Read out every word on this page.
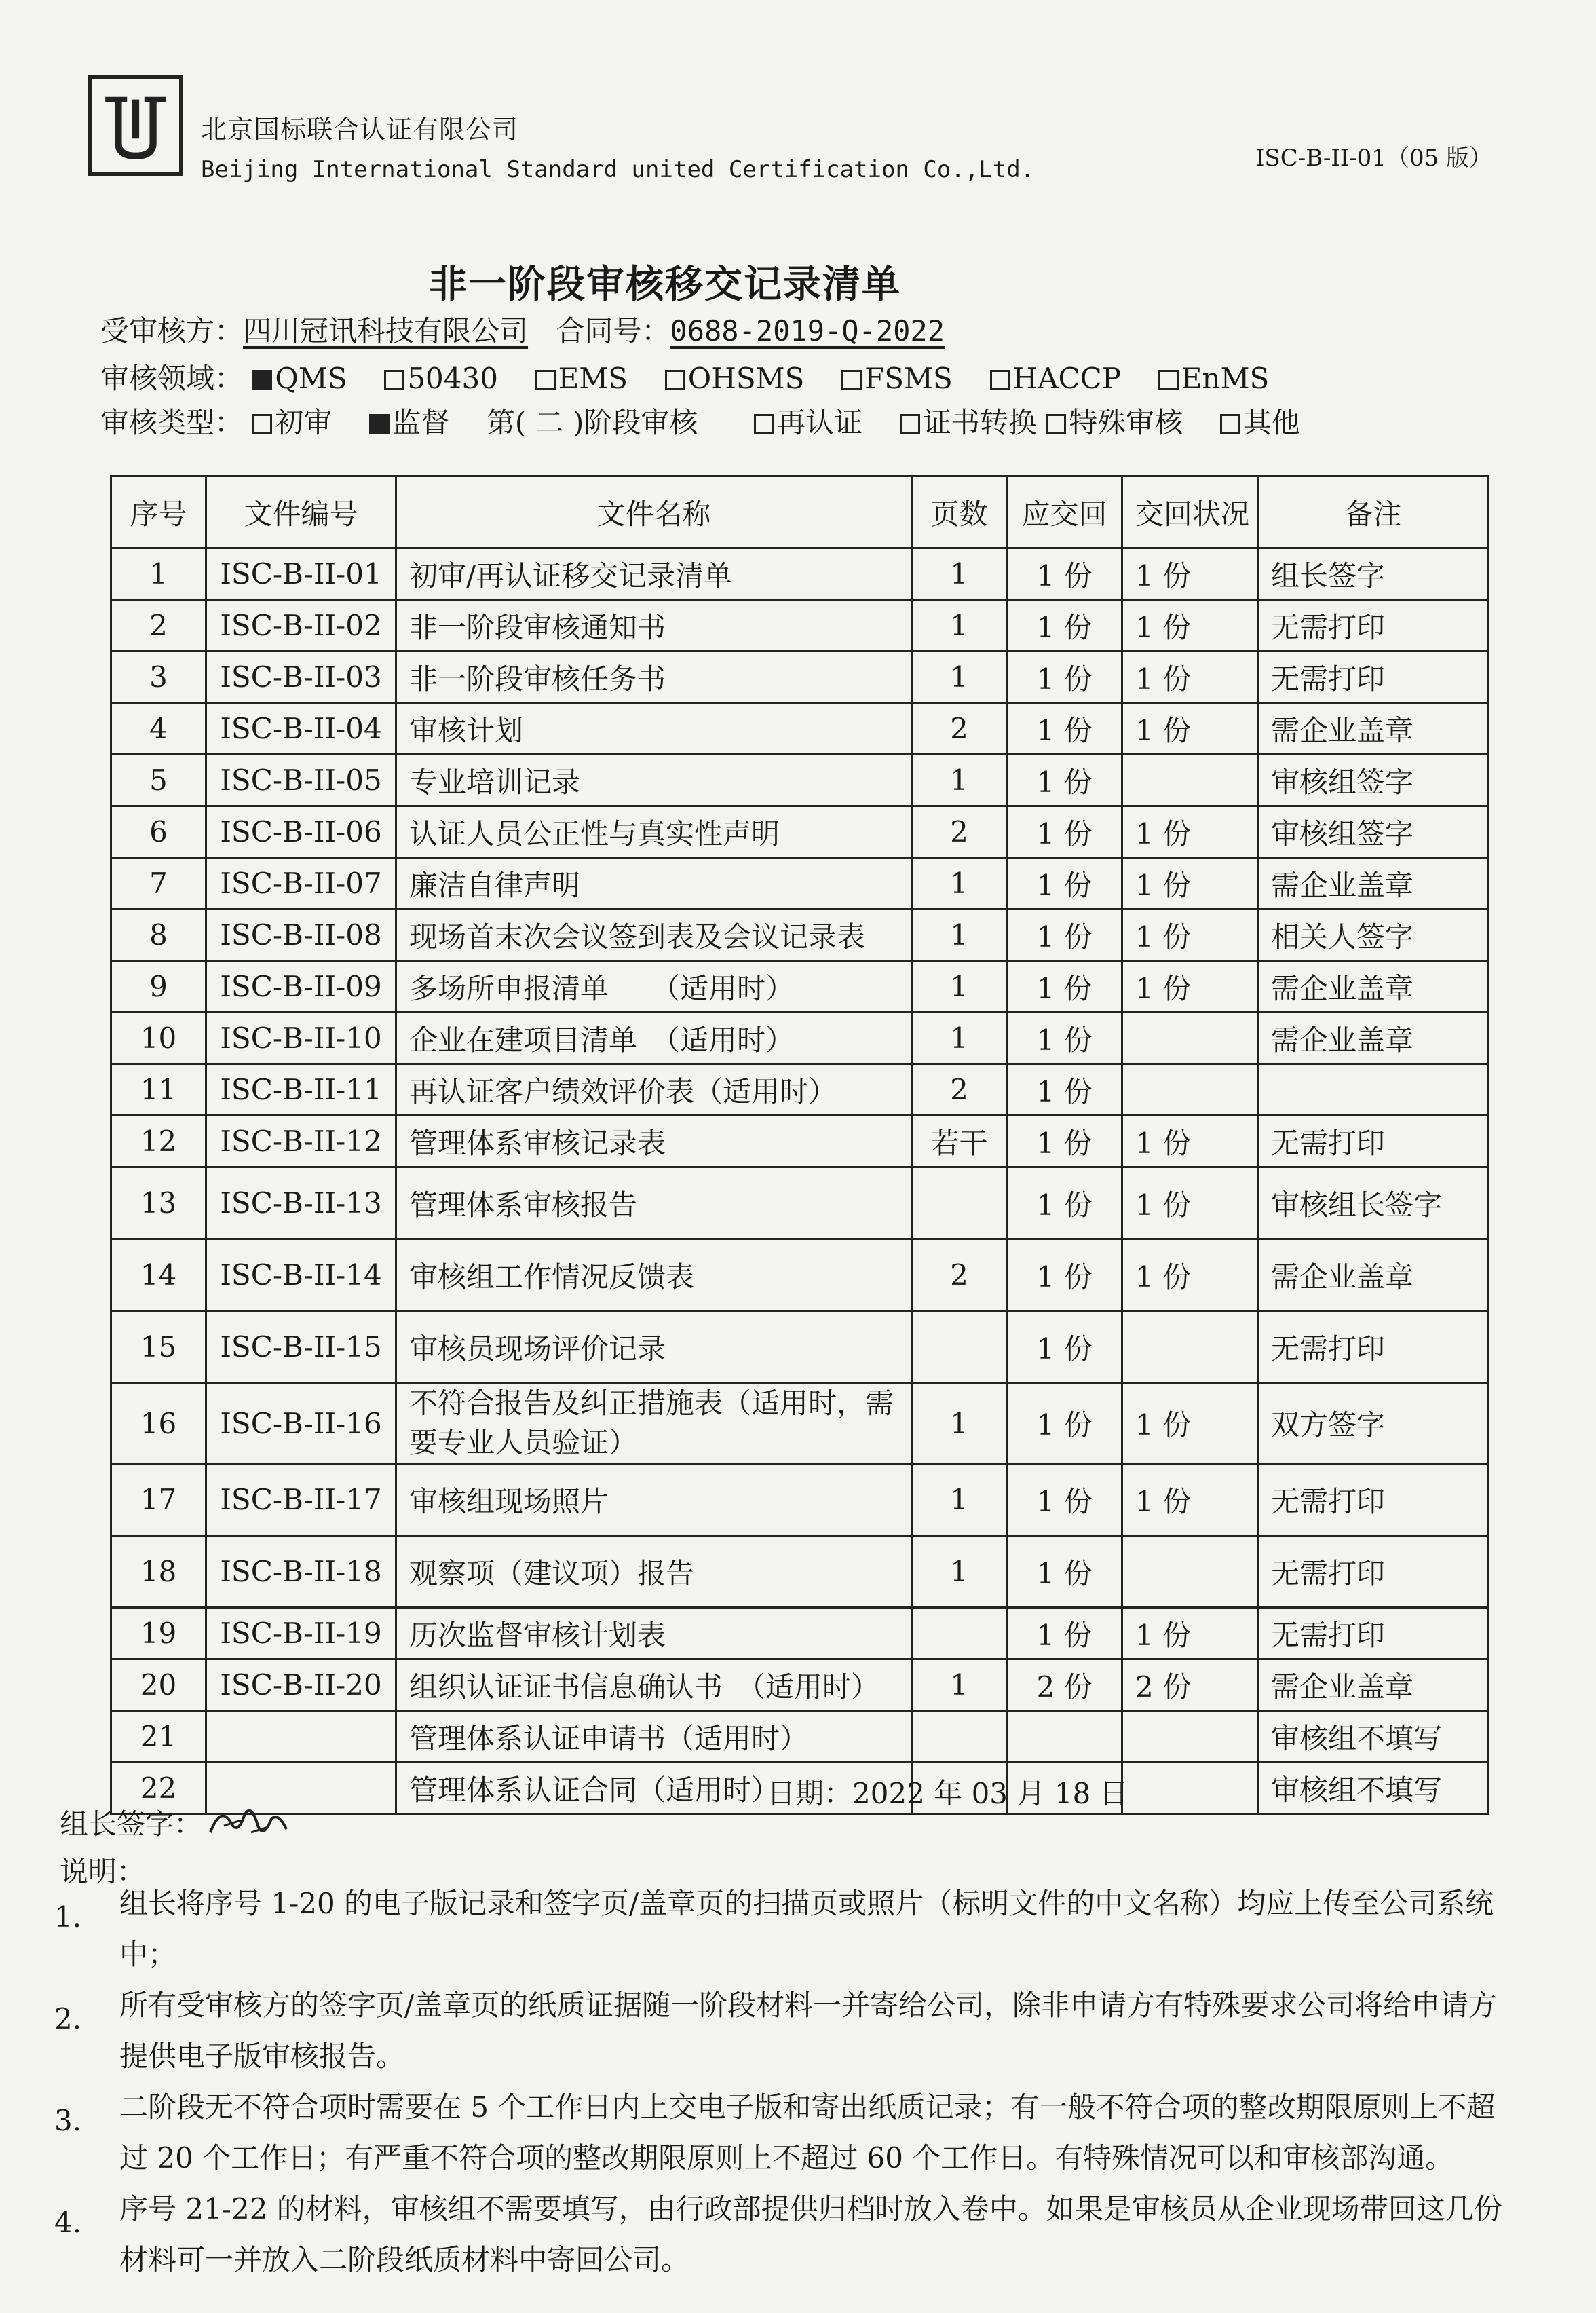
北京国标联合认证有限公司
Beijing International Standard united Certification Co.,Ltd.	ISC-B-II-01（05 版）
非一阶段审核移交记录清单
受审核方：四川冠讯科技有限公司 合同号：0688-2019-Q-2022
审核领域： QMS 50430 EMS OHSMS FSMS HACCP EnMS
审核类型： 初审 监督 第( 二 )阶段审核	再认证 证书转换 特殊审核 其他
序号	文件编号	文件名称	页数	应交回	交回状况	备注
1	ISC-B-II-01	初审/再认证移交记录清单	1	1 份	1 份	组长签字
2	ISC-B-II-02	非一阶段审核通知书	1	1 份	1 份	无需打印
3	ISC-B-II-03	非一阶段审核任务书	1	1 份	1 份	无需打印
4	ISC-B-II-04	审核计划	2	1 份	1 份	需企业盖章
5	ISC-B-II-05	专业培训记录	1	1 份		审核组签字
6	ISC-B-II-06	认证人员公正性与真实性声明	2	1 份	1 份	审核组签字
7	ISC-B-II-07	廉洁自律声明	1	1 份	1 份	需企业盖章
8	ISC-B-II-08	现场首末次会议签到表及会议记录表	1	1 份	1 份	相关人签字
9	ISC-B-II-09	多场所申报清单　　（适用时）	1	1 份	1 份	需企业盖章
10	ISC-B-II-10	企业在建项目清单　（适用时）	1	1 份		需企业盖章
11	ISC-B-II-11	再认证客户绩效评价表（适用时）	2	1 份		
12	ISC-B-II-12	管理体系审核记录表	若干	1 份	1 份	无需打印
13	ISC-B-II-13	管理体系审核报告		1 份	1 份	审核组长签字
14	ISC-B-II-14	审核组工作情况反馈表	2	1 份	1 份	需企业盖章
15	ISC-B-II-15	审核员现场评价记录		1 份		无需打印
16	ISC-B-II-16	不符合报告及纠正措施表（适用时，需要专业人员验证）	1	1 份	1 份	双方签字
17	ISC-B-II-17	审核组现场照片	1	1 份	1 份	无需打印
18	ISC-B-II-18	观察项（建议项）报告	1	1 份		无需打印
19	ISC-B-II-19	历次监督审核计划表		1 份	1 份	无需打印
20	ISC-B-II-20	组织认证证书信息确认书　（适用时）	1	2 份	2 份	需企业盖章
21		管理体系认证申请书（适用时）				审核组不填写
22		管理体系认证合同（适用时）				审核组不填写
日期：2022 年 03 月 18 日
组长签字：
说明：
1.
2.
3.
4.
组长将序号 1-20 的电子版记录和签字页/盖章页的扫描页或照片（标明文件的中文名称）均应上传至公司系统
中；
所有受审核方的签字页/盖章页的纸质证据随一阶段材料一并寄给公司，除非申请方有特殊要求公司将给申请方
提供电子版审核报告。
二阶段无不符合项时需要在 5 个工作日内上交电子版和寄出纸质记录；有一般不符合项的整改期限原则上不超
过 20 个工作日；有严重不符合项的整改期限原则上不超过 60 个工作日。有特殊情况可以和审核部沟通。
序号 21-22 的材料，审核组不需要填写，由行政部提供归档时放入卷中。如果是审核员从企业现场带回这几份
材料可一并放入二阶段纸质材料中寄回公司。
